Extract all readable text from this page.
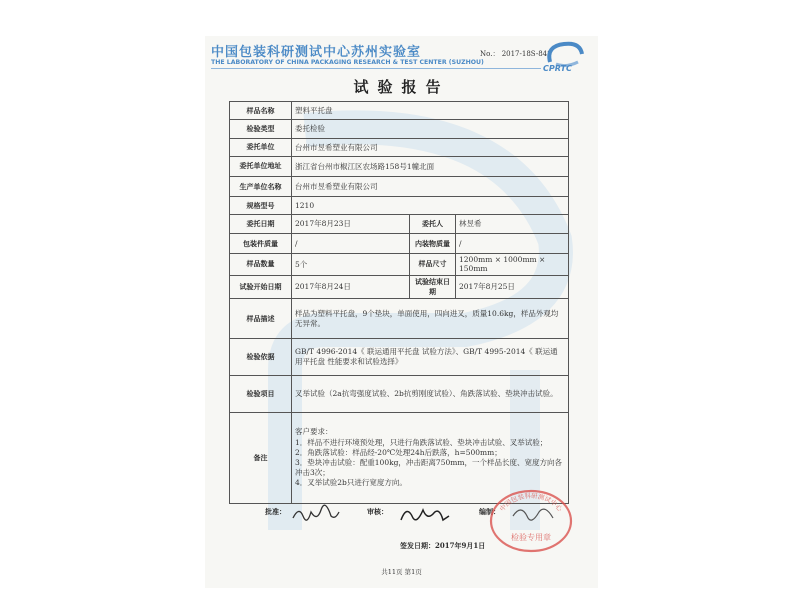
中国包装科研测试中心苏州实验室
THE LABORATORY OF CHINA PACKAGING RESEARCH & TEST CENTER (SUZHOU)
No.： 2017-18S-848
CPRTC
试验报告
样品名称	塑料平托盘		
检验类型	委托检验		
委托单位	台州市昱希塑业有限公司		
委托单位地址	浙江省台州市椒江区农场路158号1幢北面		
生产单位名称	台州市昱希塑业有限公司		
规格型号	1210		
委托日期	2017年8月23日	委托人	林昱希
包装件质量	/	内装物质量	/
样品数量	5个	样品尺寸	1200mm × 1000mm × 150mm
试验开始日期	2017年8月24日	试验结束日期	2017年8月25日
样品描述	样品为塑料平托盘，9个垫块，单面使用，四向进叉，质量10.6kg，样品外观均无异常。		
检验依据	GB/T 4996-2014《 联运通用平托盘 试验方法》、GB/T 4995-2014《 联运通用平托盘 性能要求和试验选择》		
检验项目	叉举试验（2a抗弯强度试验、2b抗剪刚度试验）、角跌落试验、垫块冲击试验。		
备注	客户要求：
1．样品不进行环境预处理，只进行角跌落试验、垫块冲击试验、叉举试验；
2．角跌落试验：样品经-20℃处理24h后跌落，h=500mm；
3．垫块冲击试验：配重100kg，冲击距离750mm，一个样品长度、宽度方向各冲击3次；
4．叉举试验2b只进行宽度方向。		
批准：	审核：	编制：
中国包装科研测试中心
检验专用章
签发日期：2017年9月1日
共11页 第1页
